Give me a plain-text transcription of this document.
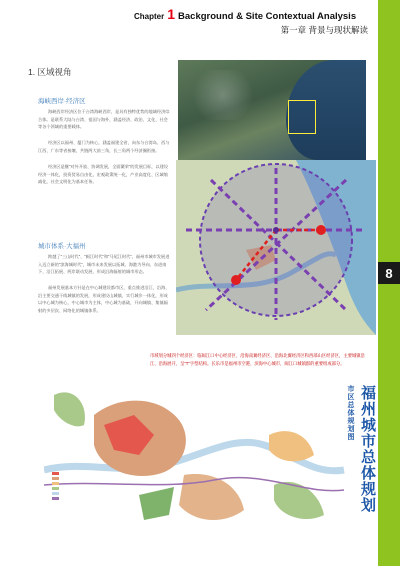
8
Chapter 1 Background & Site Contextual Analysis
第一章 背景与现状解读
1. 区域视角
海峡西岸·经济区
海峡西岸经济区位于台湾海峡西岸，是具有独特优势的地域经济综合体。是联系大陆与台湾、祖国与海外，涵盖经济、政治、文化、社会等各个领域的重要载体。
经济区以福州、厦门为核心，涵盖福建全省，向东与台湾岛、西与江西、广东等省接壤，共链两大前三角，长三角两个经济圈衔接。
经济区是继“对外开放、协调发展，全面繁荣”的发展目标，以建设经济一体化，投资贸易自由化，宏观政策统一化，产业高度化、区域缩减化，社会文明化为基本任务。
城市体系·大福州
跨越了“三山时代”、“闽江时代”和“马尾江时代”，福州市城市发展进入迈立新的“滨海城时代”，城市未来发展以拓城、海港为导向、东进南下、沿江拓展、两岸联动发展、形成沿海辐射的城市形态。
福州发展基本方针是在中心城建设都市区，重点推进沿江、沿海、沿主要交通干线城镇的发展，形成建设山城镇、实行城乡一体化，形成以中心城为核心，中心城市为主体，中心城为基础，开向城镇、集镇辐射的多层次、网络化的城镇体系。
市域划分城四个经济区：临闽江口中心经济区、沿海南翼经济区、沿海北翼经济区和西部山区经济区，主要城镇沿江、沿海展开，呈“T”字型结构。长乐市是福州市空港、滨海中心城市，闽江口城镇群的重要组成部分。
福州城市总体规划
市区总体规划图
